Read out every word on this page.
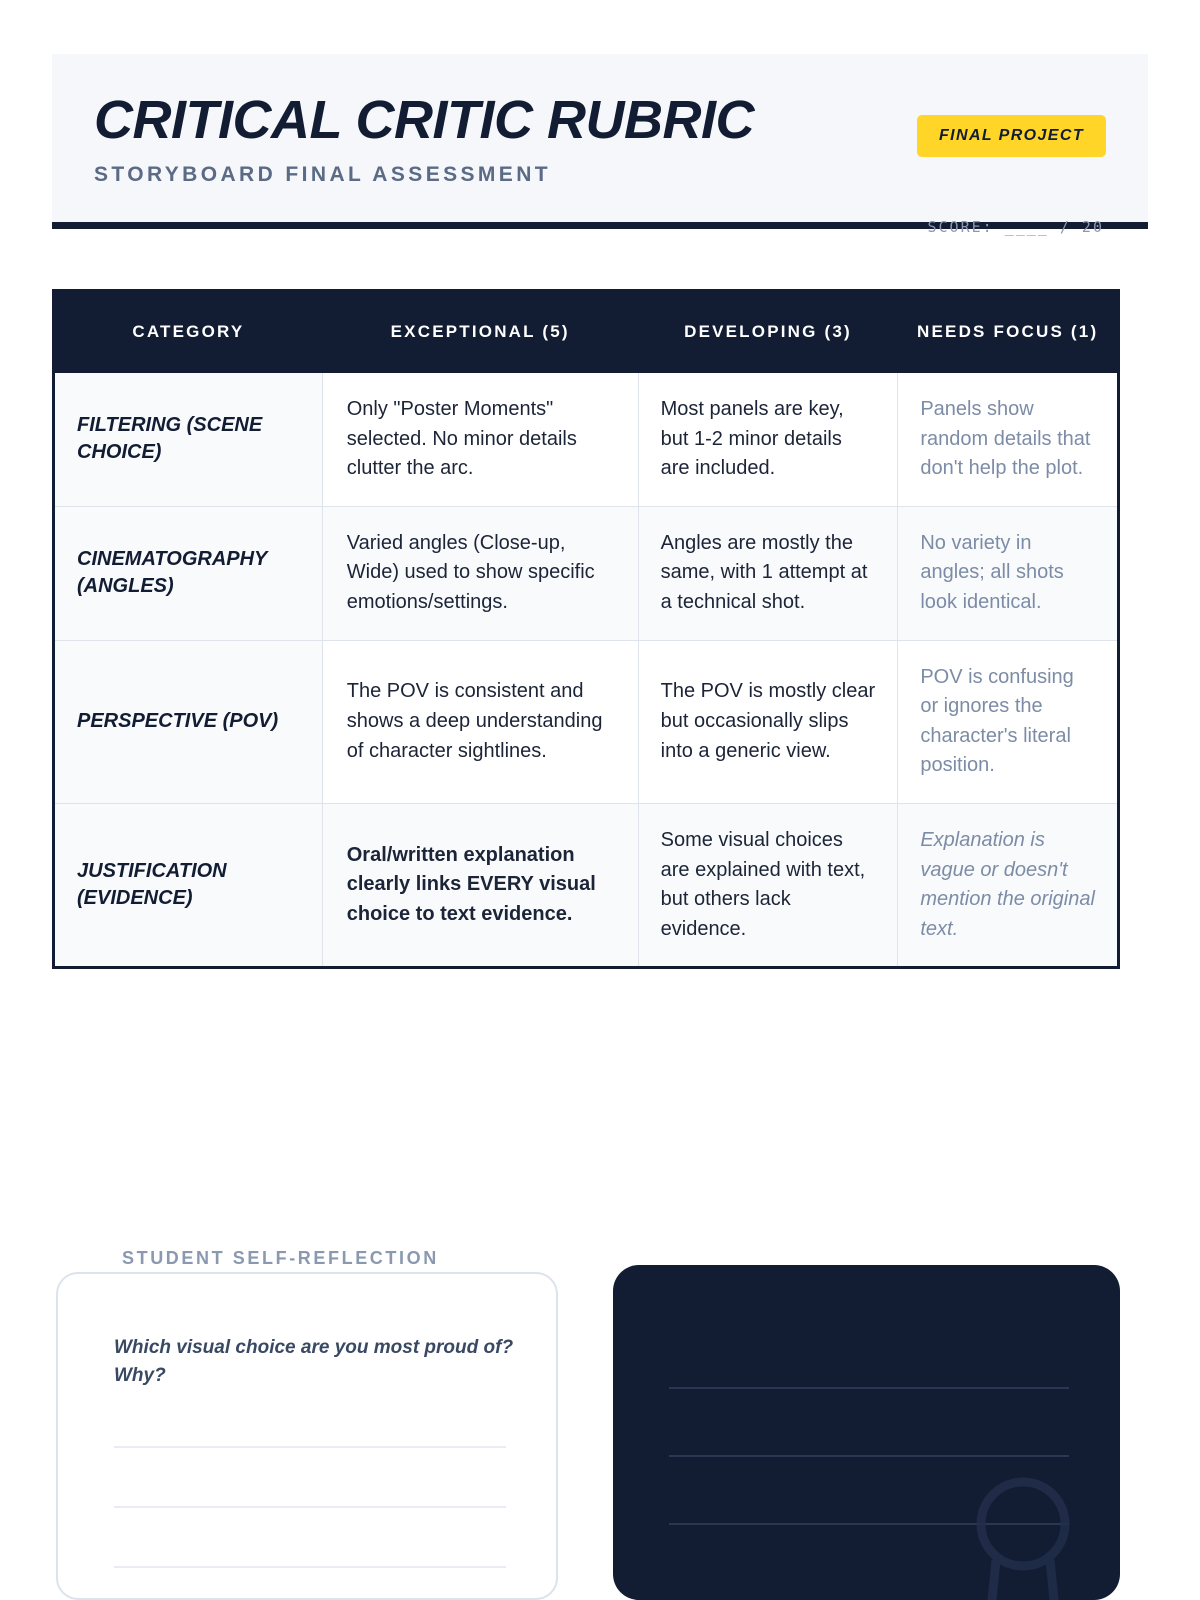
CRITICAL CRITIC RUBRIC
STORYBOARD FINAL ASSESSMENT
FINAL PROJECT
SCORE: ____ / 20
CATEGORY	EXCEPTIONAL (5)	DEVELOPING (3)	NEEDS FOCUS (1)
FILTERING (SCENE CHOICE)	Only "Poster Moments" selected. No minor details clutter the arc.	Most panels are key, but 1-2 minor details are included.	Panels show random details that don't help the plot.
CINEMATOGRAPHY (ANGLES)	Varied angles (Close-up, Wide) used to show specific emotions/settings.	Angles are mostly the same, with 1 attempt at a technical shot.	No variety in angles; all shots look identical.
PERSPECTIVE (POV)	The POV is consistent and shows a deep understanding of character sightlines.	The POV is mostly clear but occasionally slips into a generic view.	POV is confusing or ignores the character's literal position.
JUSTIFICATION (EVIDENCE)	Oral/written explanation clearly links EVERY visual choice to text evidence.	Some visual choices are explained with text, but others lack evidence.	Explanation is vague or doesn't mention the original text.
STUDENT SELF-REFLECTION
Which visual choice are you most proud of? Why?
